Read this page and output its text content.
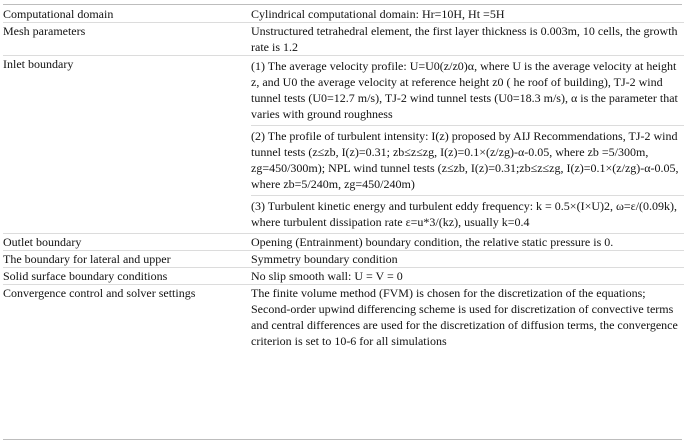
Computational domain	Cylindrical computational domain: Hr=10H, Ht =5H
Mesh parameters	Unstructured tetrahedral element, the first layer thickness is 0.003m, 10 cells, the growth rate is 1.2
Inlet boundary	(1) The average velocity profile: U=U0(z/z0)α, where U is the average velocity at height z, and U0 the average velocity at reference height z0 ( he roof of building), TJ-2 wind tunnel tests (U0=12.7 m/s), TJ-2 wind tunnel tests (U0=18.3 m/s), α is the parameter that varies with ground roughness
(2) The profile of turbulent intensity: I(z) proposed by AIJ Recommendations, TJ-2 wind tunnel tests (z≤zb, I(z)=0.31; zb≤z≤zg, I(z)=0.1×(z/zg)-α-0.05, where zb =5/300m, zg=450/300m); NPL wind tunnel tests (z≤zb, I(z)=0.31;zb≤z≤zg, I(z)=0.1×(z/zg)-α-0.05, where zb=5/240m, zg=450/240m)
(3) Turbulent kinetic energy and turbulent eddy frequency: k = 0.5×(I×U)2, ω=ε/(0.09k), where turbulent dissipation rate ε=u*3/(kz), usually k=0.4

Outlet boundary	Opening (Entrainment) boundary condition, the relative static pressure is 0.
The boundary for lateral and upper	Symmetry boundary condition
Solid surface boundary conditions	No slip smooth wall: U = V = 0
Convergence control and solver settings	The finite volume method (FVM) is chosen for the discretization of the equations; Second-order upwind differencing scheme is used for discretization of convective terms and central differences are used for the discretization of diffusion terms, the convergence criterion is set to 10-6 for all simulations
